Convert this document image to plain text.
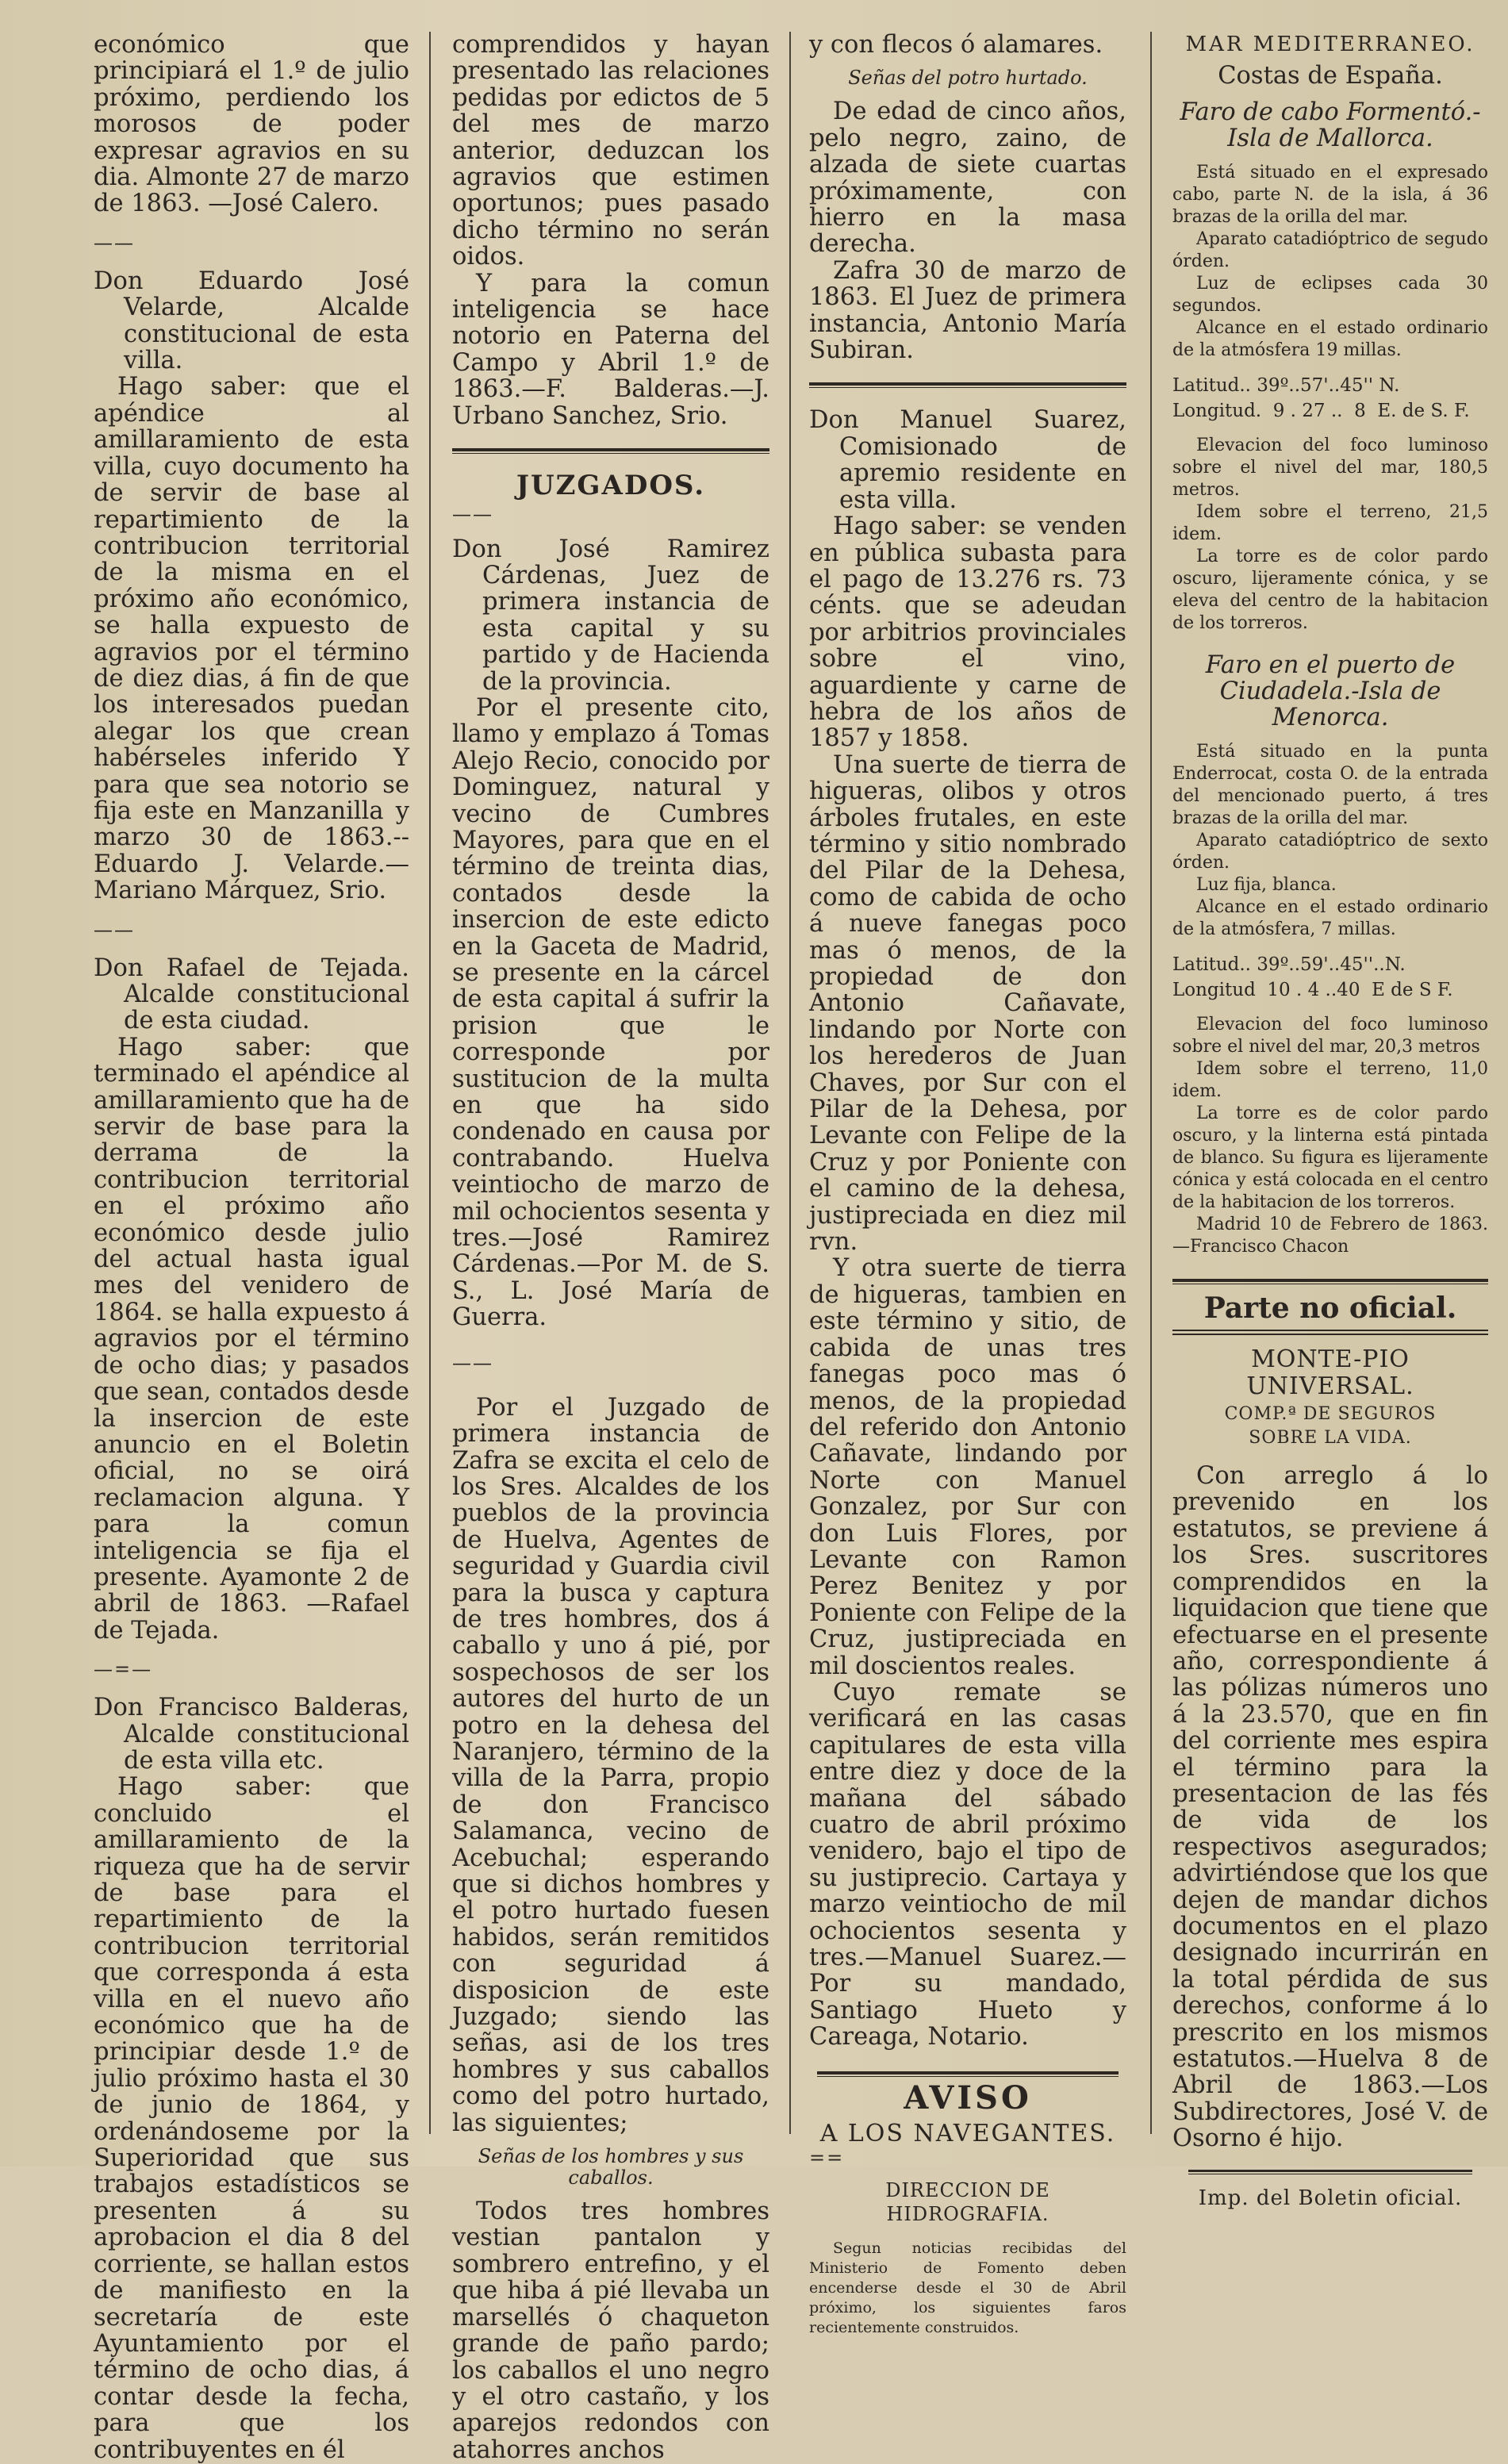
económico que principiará el 1.º de julio próximo, perdiendo los morosos de poder expresar agravios en su dia. Almonte 27 de marzo de 1863. —José Calero.

——

Don Eduardo José Velarde, Alcalde constitucional de esta villa.

Hago saber: que el apéndice al amillaramiento de esta villa, cuyo documento ha de servir de base al repartimiento de la contribucion territorial de la misma en el próximo año económico, se halla expuesto de agravios por el término de diez dias, á fin de que los interesados puedan alegar los que crean habérseles inferido Y para que sea notorio se fija este en Manzanilla y marzo 30 de 1863.--Eduardo J. Velarde.—Mariano Márquez, Srio.

——

Don Rafael de Tejada. Alcalde constitucional de esta ciudad.

Hago saber: que terminado el apéndice al amillaramiento que ha de servir de base para la derrama de la contribucion territorial en el próximo año económico desde julio del actual hasta igual mes del venidero de 1864. se halla expuesto á agravios por el término de ocho dias; y pasados que sean, contados desde la insercion de este anuncio en el Boletin oficial, no se oirá reclamacion alguna. Y para la comun inteligencia se fija el presente. Ayamonte 2 de abril de 1863. —Rafael de Tejada.

—=—

Don Francisco Balderas, Alcalde constitucional de esta villa etc.

Hago saber: que concluido el amillaramiento de la riqueza que ha de servir de base para el repartimiento de la contribucion territorial que corresponda á esta villa en el nuevo año económico que ha de principiar desde 1.º de julio próximo hasta el 30 de junio de 1864, y ordenándoseme por la Superioridad que sus trabajos estadísticos se presenten á su aprobacion el dia 8 del corriente, se hallan estos de manifiesto en la secretaría de este Ayuntamiento por el término de ocho dias, á contar desde la fecha, para que los contribuyentes en él

comprendidos y hayan presentado las relaciones pedidas por edictos de 5 del mes de marzo anterior, deduzcan los agravios que estimen oportunos; pues pasado dicho término no serán oidos.

Y para la comun inteligencia se hace notorio en Paterna del Campo y Abril 1.º de 1863.—F. Balderas.—J. Urbano Sanchez, Srio.

JUZGADOS.

——

Don José Ramirez Cárdenas, Juez de primera instancia de esta capital y su partido y de Hacienda de la provincia.

Por el presente cito, llamo y emplazo á Tomas Alejo Recio, conocido por Dominguez, natural y vecino de Cumbres Mayores, para que en el término de treinta dias, contados desde la insercion de este edicto en la Gaceta de Madrid, se presente en la cárcel de esta capital á sufrir la prision que le corresponde por sustitucion de la multa en que ha sido condenado en causa por contrabando. Huelva veintiocho de marzo de mil ochocientos sesenta y tres.—José Ramirez Cárdenas.—Por M. de S. S., L. José María de Guerra.

——

Por el Juzgado de primera instancia de Zafra se excita el celo de los Sres. Alcaldes de los pueblos de la provincia de Huelva, Agentes de seguridad y Guardia civil para la busca y captura de tres hombres, dos á caballo y uno á pié, por sospechosos de ser los autores del hurto de un potro en la dehesa del Naranjero, término de la villa de la Parra, propio de don Francisco Salamanca, vecino de Acebuchal; esperando que si dichos hombres y el potro hurtado fuesen habidos, serán remitidos con seguridad á disposicion de este Juzgado; siendo las señas, asi de los tres hombres y sus caballos como del potro hurtado, las siguientes;

Señas de los hombres y sus caballos.

Todos tres hombres vestian pantalon y sombrero entrefino, y el que hiba á pié llevaba un marsellés ó chaqueton grande de paño pardo; los caballos el uno negro y el otro castaño, y los aparejos redondos con atahorres anchos

y con flecos ó alamares.

Señas del potro hurtado.

De edad de cinco años, pelo negro, zaino, de alzada de siete cuartas próximamente, con hierro en la masa derecha.

Zafra 30 de marzo de 1863. El Juez de primera instancia, Antonio María Subiran.

Don Manuel Suarez, Comisionado de apremio residente en esta villa.

Hago saber: se venden en pública subasta para el pago de 13.276 rs. 73 cénts. que se adeudan por arbitrios provinciales sobre el vino, aguardiente y carne de hebra de los años de 1857 y 1858.

Una suerte de tierra de higueras, olibos y otros árboles frutales, en este término y sitio nombrado del Pilar de la Dehesa, como de cabida de ocho á nueve fanegas poco mas ó menos, de la propiedad de don Antonio Cañavate, lindando por Norte con los herederos de Juan Chaves, por Sur con el Pilar de la Dehesa, por Levante con Felipe de la Cruz y por Poniente con el camino de la dehesa, justipreciada en diez mil rvn.

Y otra suerte de tierra de higueras, tambien en este término y sitio, de cabida de unas tres fanegas poco mas ó menos, de la propiedad del referido don Antonio Cañavate, lindando por Norte con Manuel Gonzalez, por Sur con don Luis Flores, por Levante con Ramon Perez Benitez y por Poniente con Felipe de la Cruz, justipreciada en mil doscientos reales.

Cuyo remate se verificará en las casas capitulares de esta villa entre diez y doce de la mañana del sábado cuatro de abril próximo venidero, bajo el tipo de su justiprecio. Cartaya y marzo veintiocho de mil ochocientos sesenta y tres.—Manuel Suarez.—Por su mandado, Santiago Hueto y Careaga, Notario.

AVISO

A LOS NAVEGANTES.

==

DIRECCION DE HIDROGRAFIA.

Segun noticias recibidas del Ministerio de Fomento deben encenderse desde el 30 de Abril próximo, los siguientes faros recientemente construidos.

MAR MEDITERRANEO.

Costas de España.

Faro de cabo Formentó.-Isla de Mallorca.

Está situado en el expresado cabo, parte N. de la isla, á 36 brazas de la orilla del mar.

Aparato catadióptrico de segudo órden.

Luz de eclipses cada 30 segundos.

Alcance en el estado ordinario de la atmósfera 19 millas.

Latitud.. 39º..57'..45'' N.

Longitud.  9 . 27 ..  8  E. de S. F.

Elevacion del foco luminoso sobre el nivel del mar, 180,5 metros.

Idem sobre el terreno, 21,5 idem.

La torre es de color pardo oscuro, lijeramente cónica, y se eleva del centro de la habitacion de los torreros.

Faro en el puerto de Ciudadela.-Isla de Menorca.

Está situado en la punta Enderrocat, costa O. de la entrada del mencionado puerto, á tres brazas de la orilla del mar.

Aparato catadióptrico de sexto órden.

Luz fija, blanca.

Alcance en el estado ordinario de la atmósfera, 7 millas.

Latitud.. 39º..59'..45''..N.

Longitud  10 . 4 ..40  E de S F.

Elevacion del foco luminoso sobre el nivel del mar, 20,3 metros

Idem sobre el terreno, 11,0 idem.

La torre es de color pardo oscuro, y la linterna está pintada de blanco. Su figura es lijeramente cónica y está colocada en el centro de la habitacion de los torreros.

Madrid 10 de Febrero de 1863.—Francisco Chacon

Parte no oficial.

MONTE-PIO UNIVERSAL.

COMP.ª DE SEGUROS SOBRE LA VIDA.

Con arreglo á lo prevenido en los estatutos, se previene á los Sres. suscritores comprendidos en la liquidacion que tiene que efectuarse en el presente año, correspondiente á las pólizas números uno á la 23.570, que en fin del corriente mes espira el término para la presentacion de las fés de vida de los respectivos asegurados; advirtiéndose que los que dejen de mandar dichos documentos en el plazo designado incurrirán en la total pérdida de sus derechos, conforme á lo prescrito en los mismos estatutos.—Huelva 8 de Abril de 1863.—Los Subdirectores, José V. de Osorno é hijo.

Imp. del Boletin oficial.
